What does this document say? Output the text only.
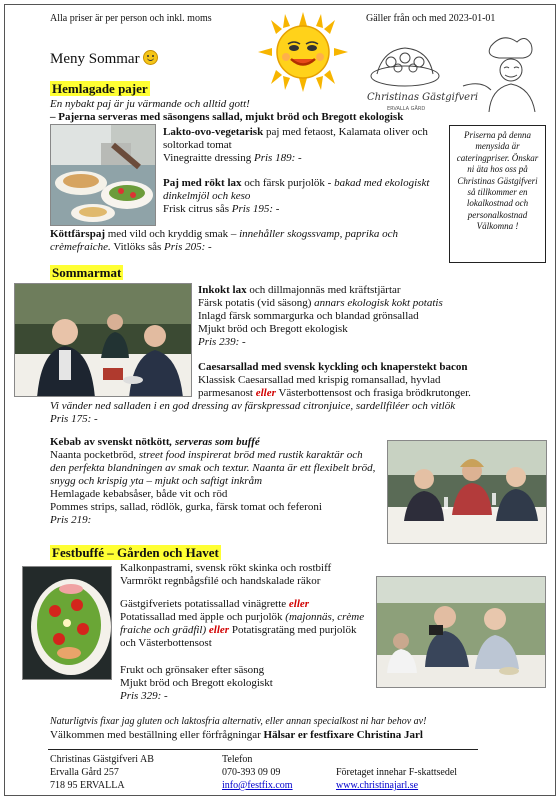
Alla priser är per person och inkl. moms	Gäller från och med 2023-01-01
Meny Sommar
Christinas Gästgifveri
ERVALLA GÅRD
Hemlagade pajer
En nybakt paj är ju värmande och alltid gott!
– Pajerna serveras med säsongens sallad, mjukt bröd och Bregott ekologisk
Lakto-ovo-vegetarisk paj med fetaost, Kalamata oliver och soltorkad tomat
Vinegraitte dressing Pris 189: -
Paj med rökt lax och färsk purjolök - bakad med ekologiskt dinkelmjöl och keso
Frisk citrus sås Pris 195: -
Köttfärspaj med vild och kryddig smak – innehåller skogssvamp, paprika och crèmefraiche. Vitlöks sås Pris 205: -
Priserna på denna menysida är cateringpriser. Önskar ni äta hos oss på Christinas Gästgifveri så tillkommer en lokalkostnad och personalkostnad Välkomna !
Sommarmat
Inkokt lax och dillmajonnäs med kräftstjärtar
Färsk potatis (vid säsong) annars ekologisk kokt potatis
Inlagd färsk sommargurka och blandad grönsallad
Mjukt bröd och Bregott ekologisk
Pris 239: -
Caesarsallad med svensk kyckling och knaperstekt bacon
Klassisk Caesarsallad med krispig romansallad, hyvlad
parmesanost eller Västerbottensost och frasiga brödkrutonger.
Vi vänder ned salladen i en god dressing av färskpressad citronjuice, sardellfiléer och vitlök
Pris 175: -
Kebab av svenskt nötkött, serveras som buffé
Naanta pocketbröd, street food inspirerat bröd med rustik karaktär och den perfekta blandningen av smak och textur. Naanta är ett flexibelt bröd, snygg och krispig yta – mjukt och saftigt inkråm
Hemlagade kebabsåser, både vit och röd
Pommes strips, sallad, rödlök, gurka, färsk tomat och feferoni
Pris 219:
Festbuffé – Gården och Havet
Kalkonpastrami, svensk rökt skinka och rostbiff
Varmrökt regnbågsfilé och handskalade räkor
Gästgifveriets potatissallad vinägrette eller
Potatissallad med äpple och purjolök (majonnäs, crème fraiche och grädfil) eller Potatisgratäng med purjolök och Västerbottensost
Frukt och grönsaker efter säsong
Mjukt bröd och Bregott ekologiskt
Pris 329: -
Naturligtvis fixar jag gluten och laktosfria alternativ, eller annan specialkost ni har behov av!
Välkommen med beställning eller förfrågningar Hälsar er festfixare Christina Jarl
Christinas Gästgifveri AB
Ervalla Gård 257
718 95 ERVALLA
Telefon
070-393 09 09
info@festfix.com
Företaget innehar F-skattsedel
www.christinajarl.se
